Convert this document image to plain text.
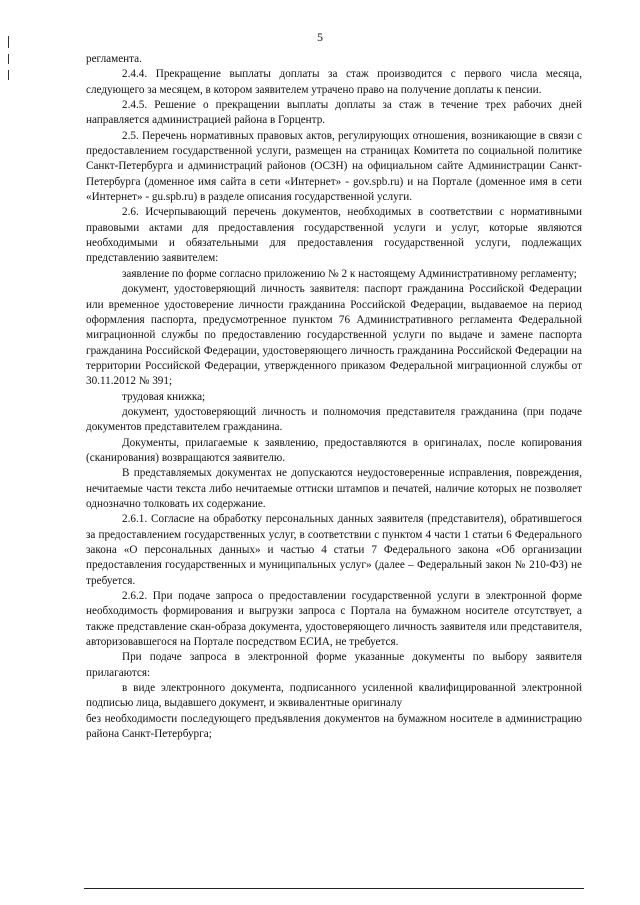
5

регламента.

2.4.4. Прекращение выплаты доплаты за стаж производится с первого числа месяца, следующего за месяцем, в котором заявителем утрачено право на получение доплаты к пенсии.

2.4.5. Решение о прекращении выплаты доплаты за стаж в течение трех рабочих дней направляется администрацией района в Горцентр.

2.5. Перечень нормативных правовых актов, регулирующих отношения, возникающие в связи с предоставлением государственной услуги, размещен на страницах Комитета по социальной политике Санкт-Петербурга и администраций районов (ОСЗН) на официальном сайте Администрации Санкт-Петербурга (доменное имя сайта в сети «Интернет» - gov.spb.ru) и на Портале (доменное имя в сети «Интернет» - gu.spb.ru) в разделе описания государственной услуги.

2.6. Исчерпывающий перечень документов, необходимых в соответствии с нормативными правовыми актами для предоставления государственной услуги и услуг, которые являются необходимыми и обязательными для предоставления государственной услуги, подлежащих представлению заявителем:

заявление по форме согласно приложению № 2 к настоящему Административному регламенту;

документ, удостоверяющий личность заявителя: паспорт гражданина Российской Федерации или временное удостоверение личности гражданина Российской Федерации, выдаваемое на период оформления паспорта, предусмотренное пунктом 76 Административного регламента Федеральной миграционной службы по предоставлению государственной услуги по выдаче и замене паспорта гражданина Российской Федерации, удостоверяющего личность гражданина Российской Федерации на территории Российской Федерации, утвержденного приказом Федеральной миграционной службы от 30.11.2012 № 391;

трудовая книжка;

документ, удостоверяющий личность и полномочия представителя гражданина (при подаче документов представителем гражданина.

Документы, прилагаемые к заявлению, предоставляются в оригиналах, после копирования (сканирования) возвращаются заявителю.

В представляемых документах не допускаются неудостоверенные исправления, повреждения, нечитаемые части текста либо нечитаемые оттиски штампов и печатей, наличие которых не позволяет однозначно толковать их содержание.

2.6.1. Согласие на обработку персональных данных заявителя (представителя), обратившегося за предоставлением государственных услуг, в соответствии с пунктом 4 части 1 статьи 6 Федерального закона «О персональных данных» и частью 4 статьи 7 Федерального закона «Об организации предоставления государственных и муниципальных услуг» (далее – Федеральный закон № 210-ФЗ) не требуется.

2.6.2. При подаче запроса о предоставлении государственной услуги в электронной форме необходимость формирования и выгрузки запроса с Портала на бумажном носителе отсутствует, а также представление скан-образа документа, удостоверяющего личность заявителя или представителя, авторизовавшегося на Портале посредством ЕСИА, не требуется.

При подаче запроса в электронной форме указанные документы по выбору заявителя прилагаются:

в виде электронного документа, подписанного усиленной квалифицированной электронной подписью лица, выдавшего документ, и эквивалентные оригиналу

без необходимости последующего предъявления документов на бумажном носителе в администрацию района Санкт-Петербурга;
